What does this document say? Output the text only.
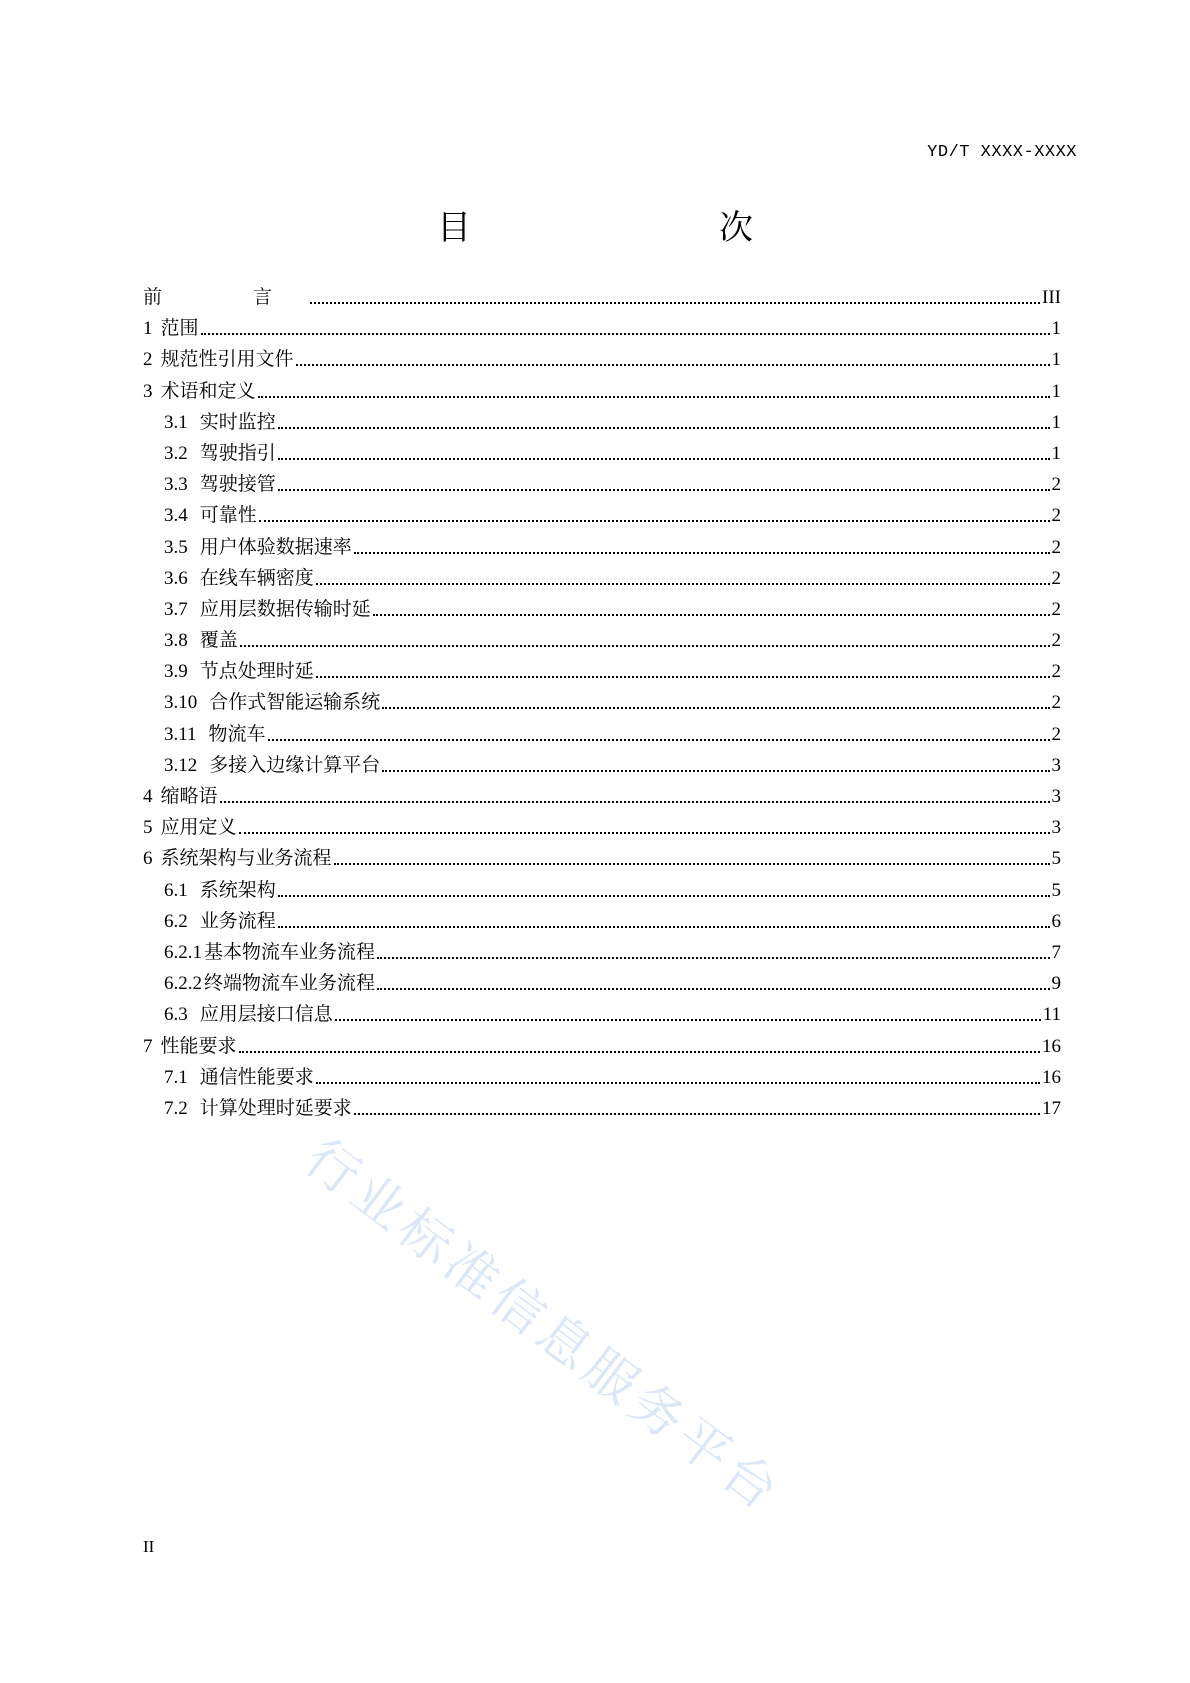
YD/T XXXX-XXXX
目　　次
前　言	III
1 范围	1
2 规范性引用文件	1
3 术语和定义	1
3.1 实时监控	1
3.2 驾驶指引	1
3.3 驾驶接管	2
3.4 可靠性	2
3.5 用户体验数据速率	2
3.6 在线车辆密度	2
3.7 应用层数据传输时延	2
3.8 覆盖	2
3.9 节点处理时延	2
3.10 合作式智能运输系统	2
3.11 物流车	2
3.12 多接入边缘计算平台	3
4 缩略语	3
5 应用定义	3
6 系统架构与业务流程	5
6.1 系统架构	5
6.2 业务流程	6
6.2.1 基本物流车业务流程	7
6.2.2 终端物流车业务流程	9
6.3 应用层接口信息	11
7 性能要求	16
7.1 通信性能要求	16
7.2 计算处理时延要求	17
II
行业标准信息服务平台
